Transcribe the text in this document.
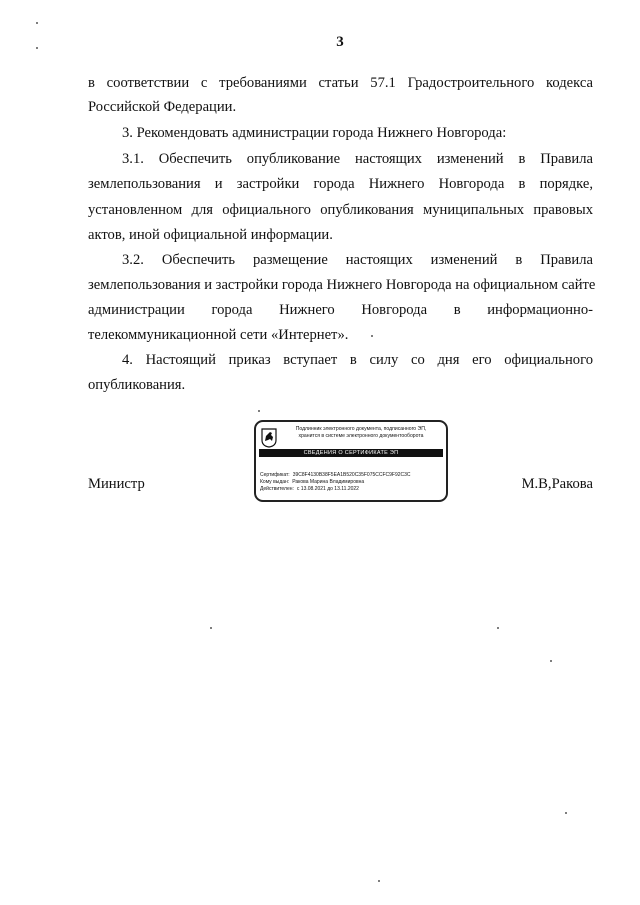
3
в соответствии с требованиями статьи 57.1 Градостроительного кодекса
Российской Федерации.
3. Рекомендовать администрации города Нижнего Новгорода:
3.1. Обеспечить опубликование настоящих изменений в Правила
землепользования и застройки города Нижнего Новгорода в порядке,
установленном для официального опубликования муниципальных правовых
актов, иной официальной информации.
3.2. Обеспечить размещение настоящих изменений в Правила
землепользования и застройки города Нижнего Новгорода на официальном сайте
администрации города Нижнего Новгорода в информационно-
телекоммуникационной сети «Интернет».
4. Настоящий приказ вступает в силу со дня его официального
опубликования.
Подлинник электронного документа, подписанного ЭП,
хранится в системе электронного документооборота
СВЕДЕНИЯ О СЕРТИФИКАТЕ ЭП
Сертификат: 39C8F4130B38F5EA1B520C35F075CCFC9F92C3C
Кому выдан: Ракова Марина Владимировна
Действителен: с 13.08.2021 до 13.11.2022
Министр	М.В,Ракова
